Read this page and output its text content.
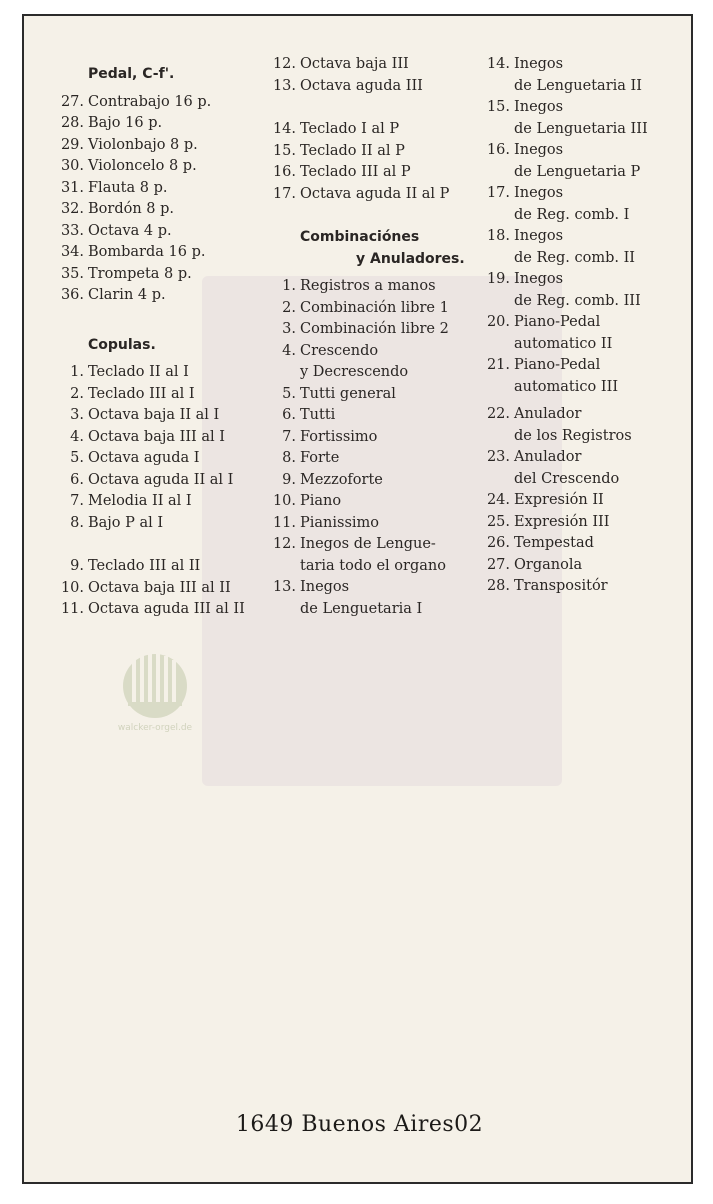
Pedal, C-f'.
27. Contrabajo 16 p.
28. Bajo 16 p.
29. Violonbajo 8 p.
30. Violoncelo 8 p.
31. Flauta 8 p.
32. Bordón 8 p.
33. Octava 4 p.
34. Bombarda 16 p.
35. Trompeta 8 p.
36. Clarin 4 p.
Copulas.
1. Teclado II al I
2. Teclado III al I
3. Octava baja II al I
4. Octava baja III al I
5. Octava aguda I
6. Octava aguda II al I
7. Melodia II al I
8. Bajo P al I
9. Teclado III al II
10. Octava baja III al II
11. Octava aguda III al II
12. Octava baja III
13. Octava aguda III
14. Teclado I al P
15. Teclado II al P
16. Teclado III al P
17. Octava aguda II al P
Combinaciónes
y Anuladores.
1. Registros a manos
2. Combinación libre 1
3. Combinación libre 2
4. Crescendo
y Decrescendo
5. Tutti general
6. Tutti
7. Fortissimo
8. Forte
9. Mezzoforte
10. Piano
11. Pianissimo
12. Inegos de Lengue-
taria todo el organo
13. Inegos
de Lenguetaria I
14. Inegos
de Lenguetaria II
15. Inegos
de Lenguetaria III
16. Inegos
de Lenguetaria P
17. Inegos
de Reg. comb. I
18. Inegos
de Reg. comb. II
19. Inegos
de Reg. comb. III
20. Piano-Pedal
automatico II
21. Piano-Pedal
automatico III
22. Anulador
de los Registros
23. Anulador
del Crescendo
24. Expresión II
25. Expresión III
26. Tempestad
27. Organola
28. Transpositór
walcker-orgel.de
1649 Buenos Aires02
